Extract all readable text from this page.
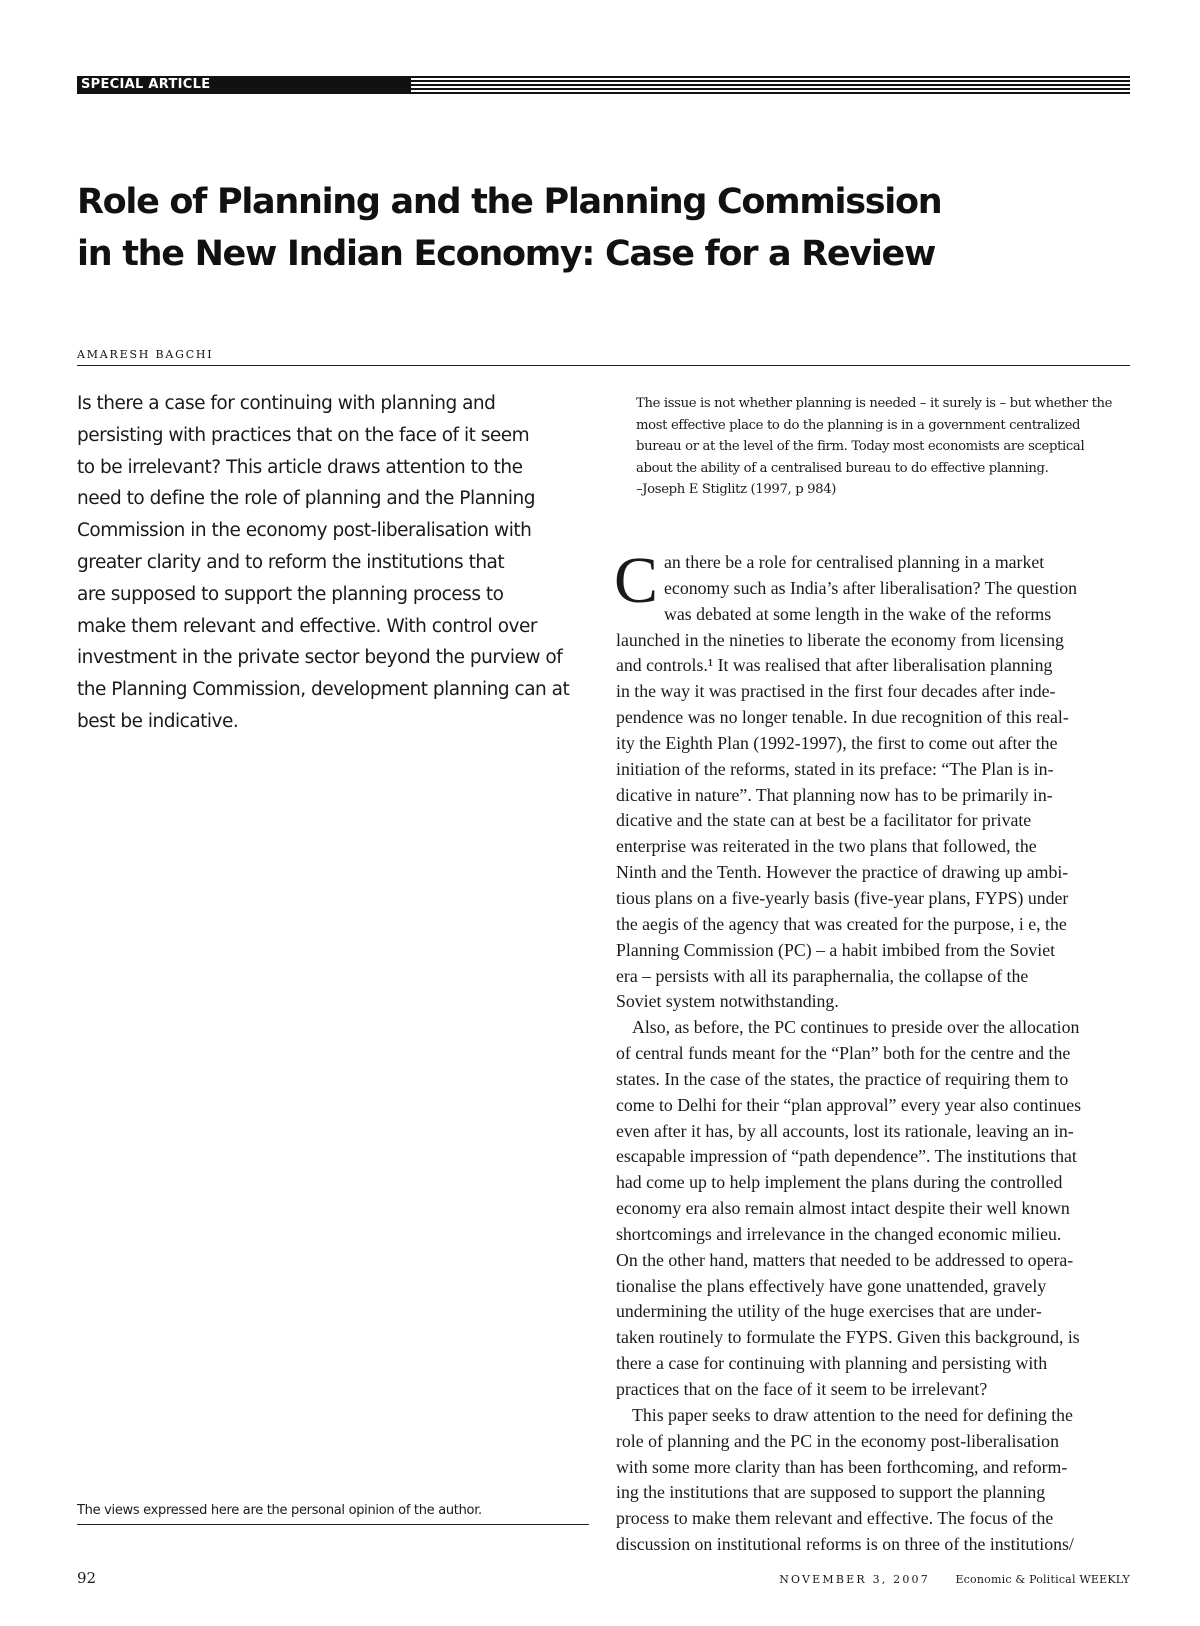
SPECIAL ARTICLE
Role of Planning and the Planning Commission
in the New Indian Economy: Case for a Review
AMARESH BAGCHI

Is there a case for continuing with planning and
persisting with practices that on the face of it seem
to be irrelevant? This article draws attention to the
need to define the role of planning and the Planning
Commission in the economy post-liberalisation with
greater clarity and to reform the institutions that
are supposed to support the planning process to
make them relevant and effective. With control over
investment in the private sector beyond the purview of
the Planning Commission, development planning can at
best be indicative.

The issue is not whether planning is needed – it surely is – but whether the
most effective place to do the planning is in a government centralized
bureau or at the level of the firm. Today most economists are sceptical
about the ability of a centralised bureau to do effective planning.
–Joseph E Stiglitz (1997, p 984)

C an there be a role for centralised planning in a market
economy such as India’s after liberalisation? The question
was debated at some length in the wake of the reforms
launched in the nineties to liberate the economy from licensing
and controls.¹ It was realised that after liberalisation planning
in the way it was practised in the first four decades after inde-
pendence was no longer tenable. In due recognition of this real-
ity the Eighth Plan (1992-1997), the first to come out after the
initiation of the reforms, stated in its preface: “The Plan is in-
dicative in nature”. That planning now has to be primarily in-
dicative and the state can at best be a facilitator for private
enterprise was reiterated in the two plans that followed, the
Ninth and the Tenth. However the practice of drawing up ambi-
tious plans on a five-yearly basis (five-year plans, FYPS) under
the aegis of the agency that was created for the purpose, i e, the
Planning Commission (PC) – a habit imbibed from the Soviet
era – persists with all its paraphernalia, the collapse of the
Soviet system notwithstanding.

Also, as before, the PC continues to preside over the allocation
of central funds meant for the “Plan” both for the centre and the
states. In the case of the states, the practice of requiring them to
come to Delhi for their “plan approval” every year also continues
even after it has, by all accounts, lost its rationale, leaving an in-
escapable impression of “path dependence”. The institutions that
had come up to help implement the plans during the controlled
economy era also remain almost intact despite their well known
shortcomings and irrelevance in the changed economic milieu.
On the other hand, matters that needed to be addressed to opera-
tionalise the plans effectively have gone unattended, gravely
undermining the utility of the huge exercises that are under-
taken routinely to formulate the FYPS. Given this background, is
there a case for continuing with planning and persisting with
practices that on the face of it seem to be irrelevant?

This paper seeks to draw attention to the need for defining the
role of planning and the PC in the economy post-liberalisation
with some more clarity than has been forthcoming, and reform-
ing the institutions that are supposed to support the planning
process to make them relevant and effective. The focus of the
discussion on institutional reforms is on three of the institutions/

The views expressed here are the personal opinion of the author.
92	NOVEMBER 3, 2007 Economic & Political WEEKLY
